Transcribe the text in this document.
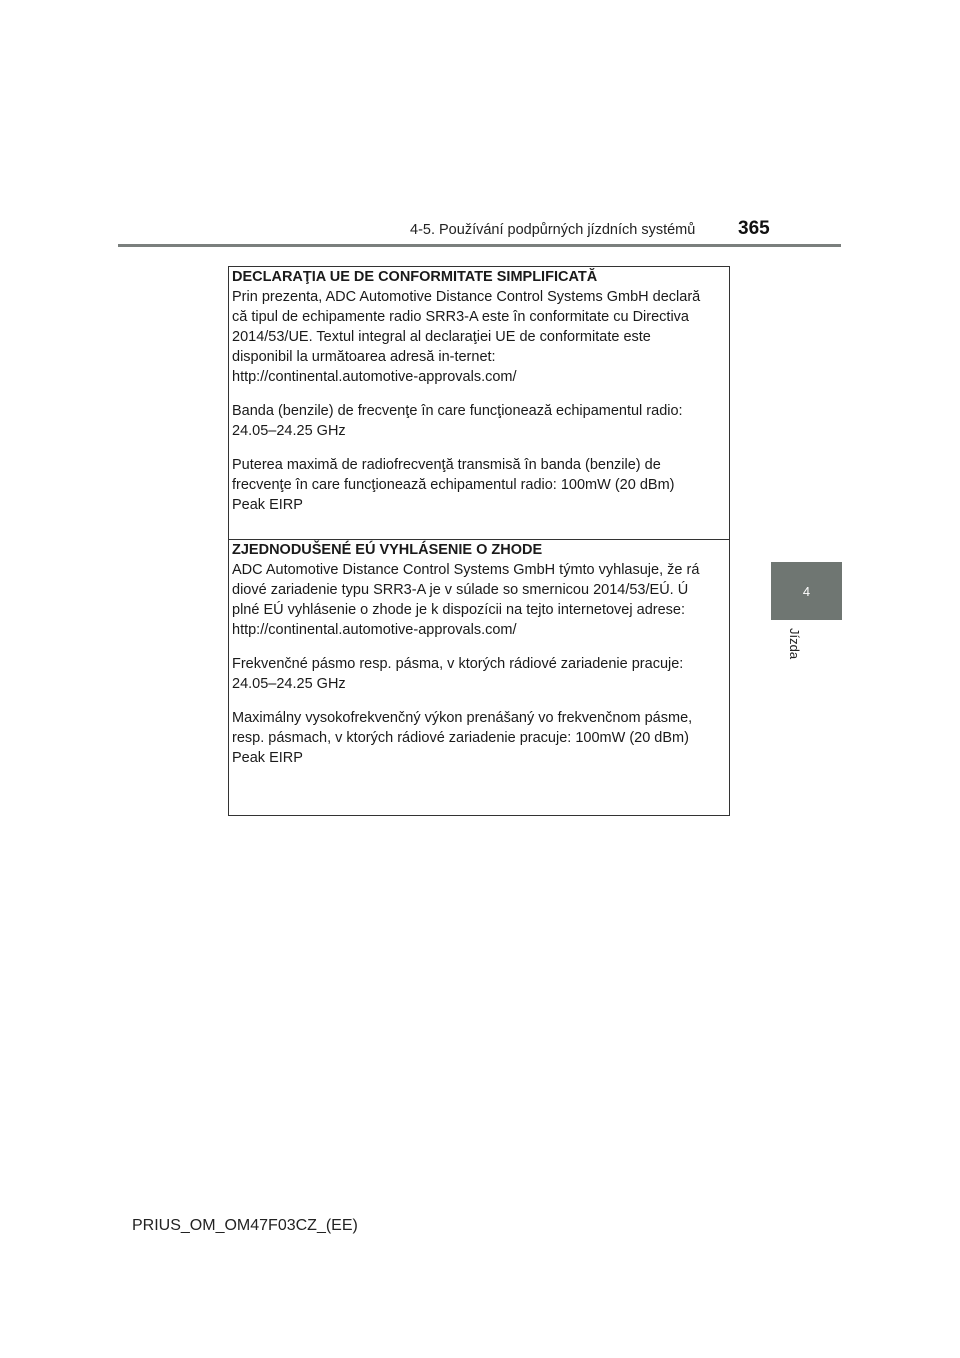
4-5. Používání podpůrných jízdních systémů 365
4
Jízda
DECLARAŢIA UE DE CONFORMITATE SIMPLIFICATĂ

Prin prezenta, ADC Automotive Distance Control Systems GmbH declară
că tipul de echipamente radio SRR3-A este în conformitate cu Directiva
2014/53/UE. Textul integral al declaraţiei UE de conformitate este
disponibil la următoarea adresă in-ternet:
http://continental.automotive-approvals.com/

Banda (benzile) de frecvenţe în care funcţionează echipamentul radio:
24.05–24.25 GHz

Puterea maximă de radiofrecvenţă transmisă în banda (benzile) de
frecvenţe în care funcţionează echipamentul radio: 100mW (20 dBm)
Peak EIRP

ZJEDNODUŠENÉ EÚ VYHLÁSENIE O ZHODE

ADC Automotive Distance Control Systems GmbH týmto vyhlasuje, že rá
diové zariadenie typu SRR3-A je v súlade so smernicou 2014/53/EÚ. Ú
plné EÚ vyhlásenie o zhode je k dispozícii na tejto internetovej adrese:
http://continental.automotive-approvals.com/

Frekvenčné pásmo resp. pásma, v ktorých rádiové zariadenie pracuje:
24.05–24.25 GHz

Maximálny vysokofrekvenčný výkon prenášaný vo frekvenčnom pásme,
resp. pásmach, v ktorých rádiové zariadenie pracuje: 100mW (20 dBm)
Peak EIRP

PRIUS_OM_OM47F03CZ_(EE)
